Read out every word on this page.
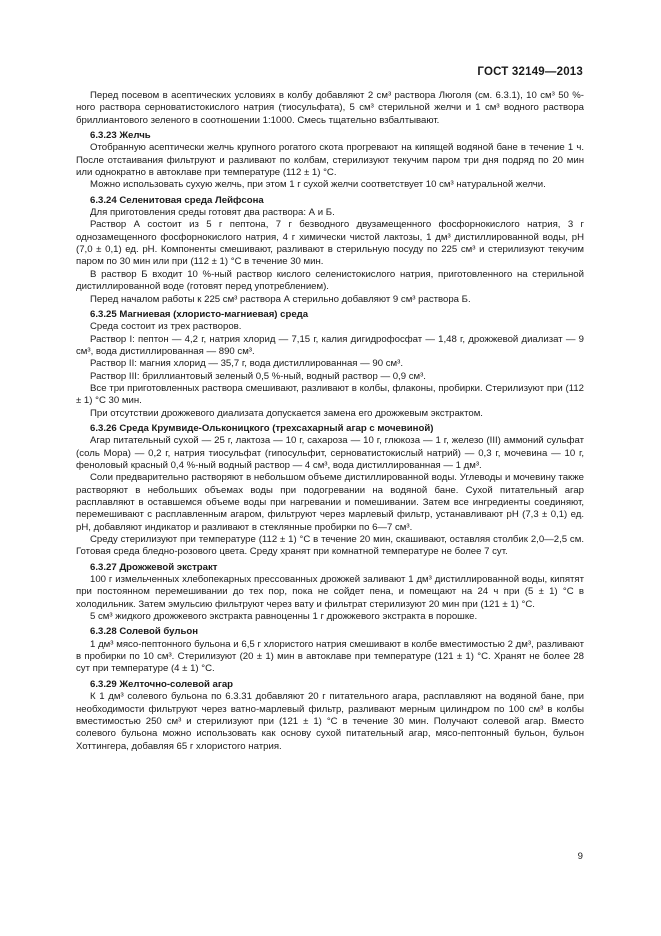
ГОСТ 32149—2013

Перед посевом в асептических условиях в колбу добавляют 2 см³ раствора Люголя (см. 6.3.1), 10 см³ 50 %-ного раствора серноватистокислого натрия (тиосульфата), 5 см³ стерильной желчи и 1 см³ водного раствора бриллиантового зеленого в соотношении 1:1000. Смесь тщательно взбалтывают.

6.3.23 Желчь

Отобранную асептически желчь крупного рогатого скота прогревают на кипящей водяной бане в течение 1 ч. После отстаивания фильтруют и разливают по колбам, стерилизуют текучим паром три дня подряд по 20 мин или однократно в автоклаве при температуре (112 ± 1) °С.

Можно использовать сухую желчь, при этом 1 г сухой желчи соответствует 10 см³ натуральной желчи.

6.3.24 Селенитовая среда Лейфсона

Для приготовления среды готовят два раствора: А и Б.

Раствор А состоит из 5 г пептона, 7 г безводного двузамещенного фосфорнокислого натрия, 3 г однозамещенного фосфорнокислого натрия, 4 г химически чистой лактозы, 1 дм³ дистиллированной воды, рН (7,0 ± 0,1) ед. рН. Компоненты смешивают, разливают в стерильную посуду по 225 см³ и стерилизуют текучим паром по 30 мин или при (112 ± 1) °С в течение 30 мин.

В раствор Б входит 10 %-ный раствор кислого селенистокислого натрия, приготовленного на стерильной дистиллированной воде (готовят перед употреблением).

Перед началом работы к 225 см³ раствора А стерильно добавляют 9 см³ раствора Б.

6.3.25 Магниевая (хлористо-магниевая) среда

Среда состоит из трех растворов.

Раствор I: пептон — 4,2 г, натрия хлорид — 7,15 г, калия дигидрофосфат — 1,48 г, дрожжевой диализат — 9 см³, вода дистиллированная — 890 см³.

Раствор II: магния хлорид — 35,7 г, вода дистиллированная — 90 см³.

Раствор III: бриллиантовый зеленый 0,5 %-ный, водный раствор — 0,9 см³.

Все три приготовленных раствора смешивают, разливают в колбы, флаконы, пробирки. Стерилизуют при (112 ± 1) °С 30 мин.

При отсутствии дрожжевого диализата допускается замена его дрожжевым экстрактом.

6.3.26 Среда Крумвиде-Ольконицкого (трехсахарный агар с мочевиной)

Агар питательный сухой — 25 г, лактоза — 10 г, сахароза — 10 г, глюкоза — 1 г, железо (III) аммоний сульфат (соль Мора) — 0,2 г, натрия тиосульфат (гипосульфит, серноватистокислый натрий) — 0,3 г, мочевина — 10 г, феноловый красный 0,4 %-ный водный раствор — 4 см³, вода дистиллированная — 1 дм³.

Соли предварительно растворяют в небольшом объеме дистиллированной воды. Углеводы и мочевину также растворяют в небольших объемах воды при подогревании на водяной бане. Сухой питательный агар расплавляют в оставшемся объеме воды при нагревании и помешивании. Затем все ингредиенты соединяют, перемешивают с расплавленным агаром, фильтруют через марлевый фильтр, устанавливают рН (7,3 ± 0,1) ед. рН, добавляют индикатор и разливают в стеклянные пробирки по 6—7 см³.

Среду стерилизуют при температуре (112 ± 1) °С в течение 20 мин, скашивают, оставляя столбик 2,0—2,5 см. Готовая среда бледно-розового цвета. Среду хранят при комнатной температуре не более 7 сут.

6.3.27 Дрожжевой экстракт

100 г измельченных хлебопекарных прессованных дрожжей заливают 1 дм³ дистиллированной воды, кипятят при постоянном перемешивании до тех пор, пока не сойдет пена, и помещают на 24 ч при (5 ± 1) °С в холодильник. Затем эмульсию фильтруют через вату и фильтрат стерилизуют 20 мин при (121 ± 1) °С.

5 см³ жидкого дрожжевого экстракта равноценны 1 г дрожжевого экстракта в порошке.

6.3.28 Солевой бульон

1 дм³ мясо-пептонного бульона и 6,5 г хлористого натрия смешивают в колбе вместимостью 2 дм³, разливают в пробирки по 10 см³. Стерилизуют (20 ± 1) мин в автоклаве при температуре (121 ± 1) °С. Хранят не более 28 сут при температуре (4 ± 1) °С.

6.3.29 Желточно-солевой агар

К 1 дм³ солевого бульона по 6.3.31 добавляют 20 г питательного агара, расплавляют на водяной бане, при необходимости фильтруют через ватно-марлевый фильтр, разливают мерным цилиндром по 100 см³ в колбы вместимостью 250 см³ и стерилизуют при (121 ± 1) °С в течение 30 мин. Получают солевой агар. Вместо солевого бульона можно использовать как основу сухой питательный агар, мясо-пептонный бульон, бульон Хоттингера, добавляя 65 г хлористого натрия.

9
